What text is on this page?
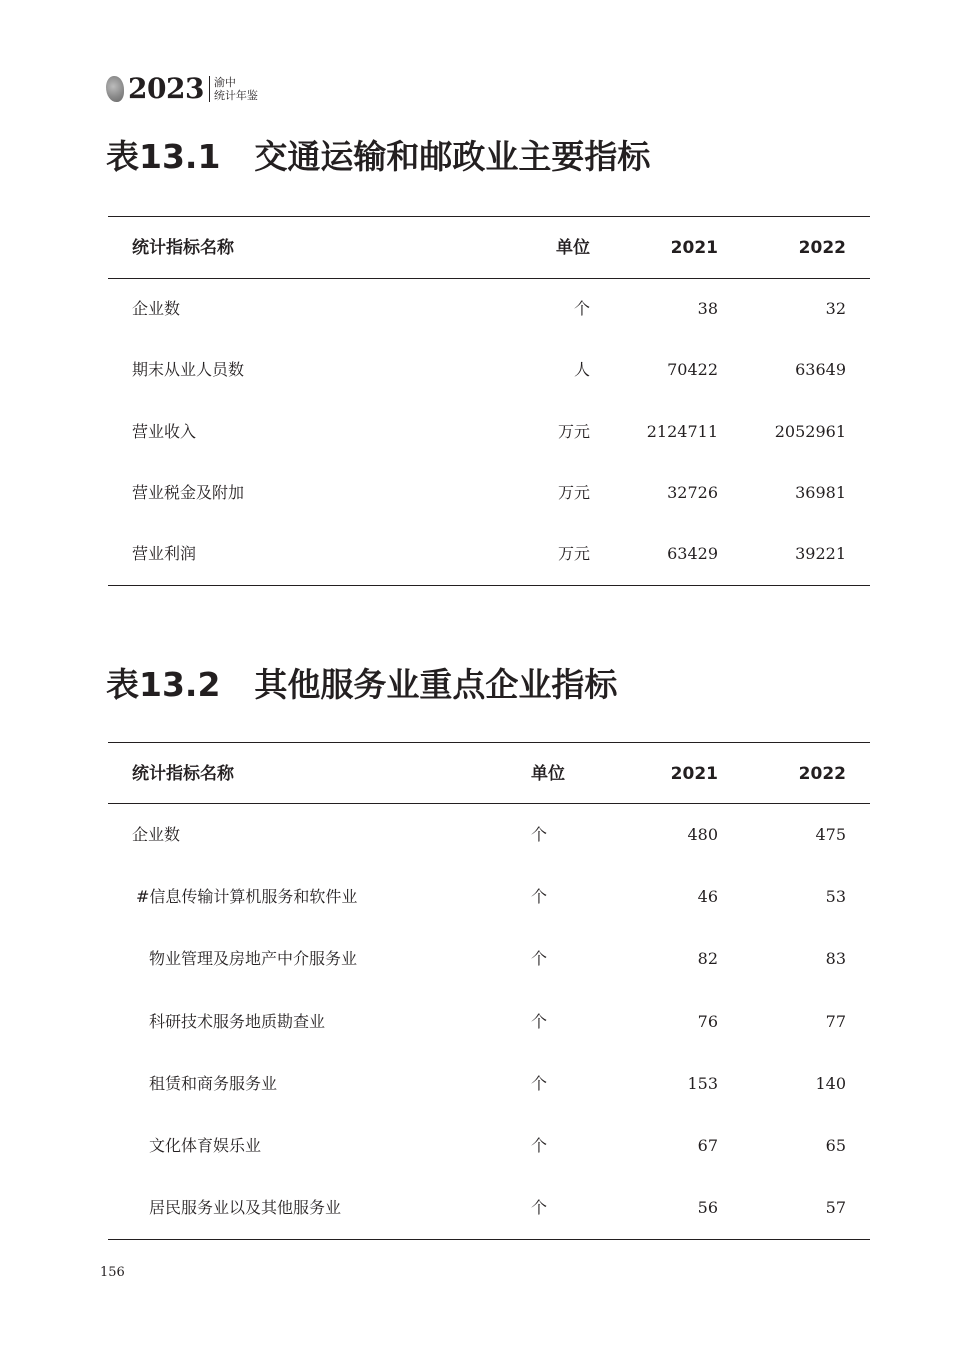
2023 渝中
统计年鉴
表13.1 交通运输和邮政业主要指标
统计指标名称	单位	2021	2022
企业数	个	38	32
期末从业人员数	人	70422	63649
营业收入	万元	2124711	2052961
营业税金及附加	万元	32726	36981
营业利润	万元	63429	39221
表13.2 其他服务业重点企业指标
统计指标名称	单位	2021	2022
企业数	个	480	475
#信息传输计算机服务和软件业	个	46	53
物业管理及房地产中介服务业	个	82	83
科研技术服务地质勘查业	个	76	77
租赁和商务服务业	个	153	140
文化体育娱乐业	个	67	65
居民服务业以及其他服务业	个	56	57
156
